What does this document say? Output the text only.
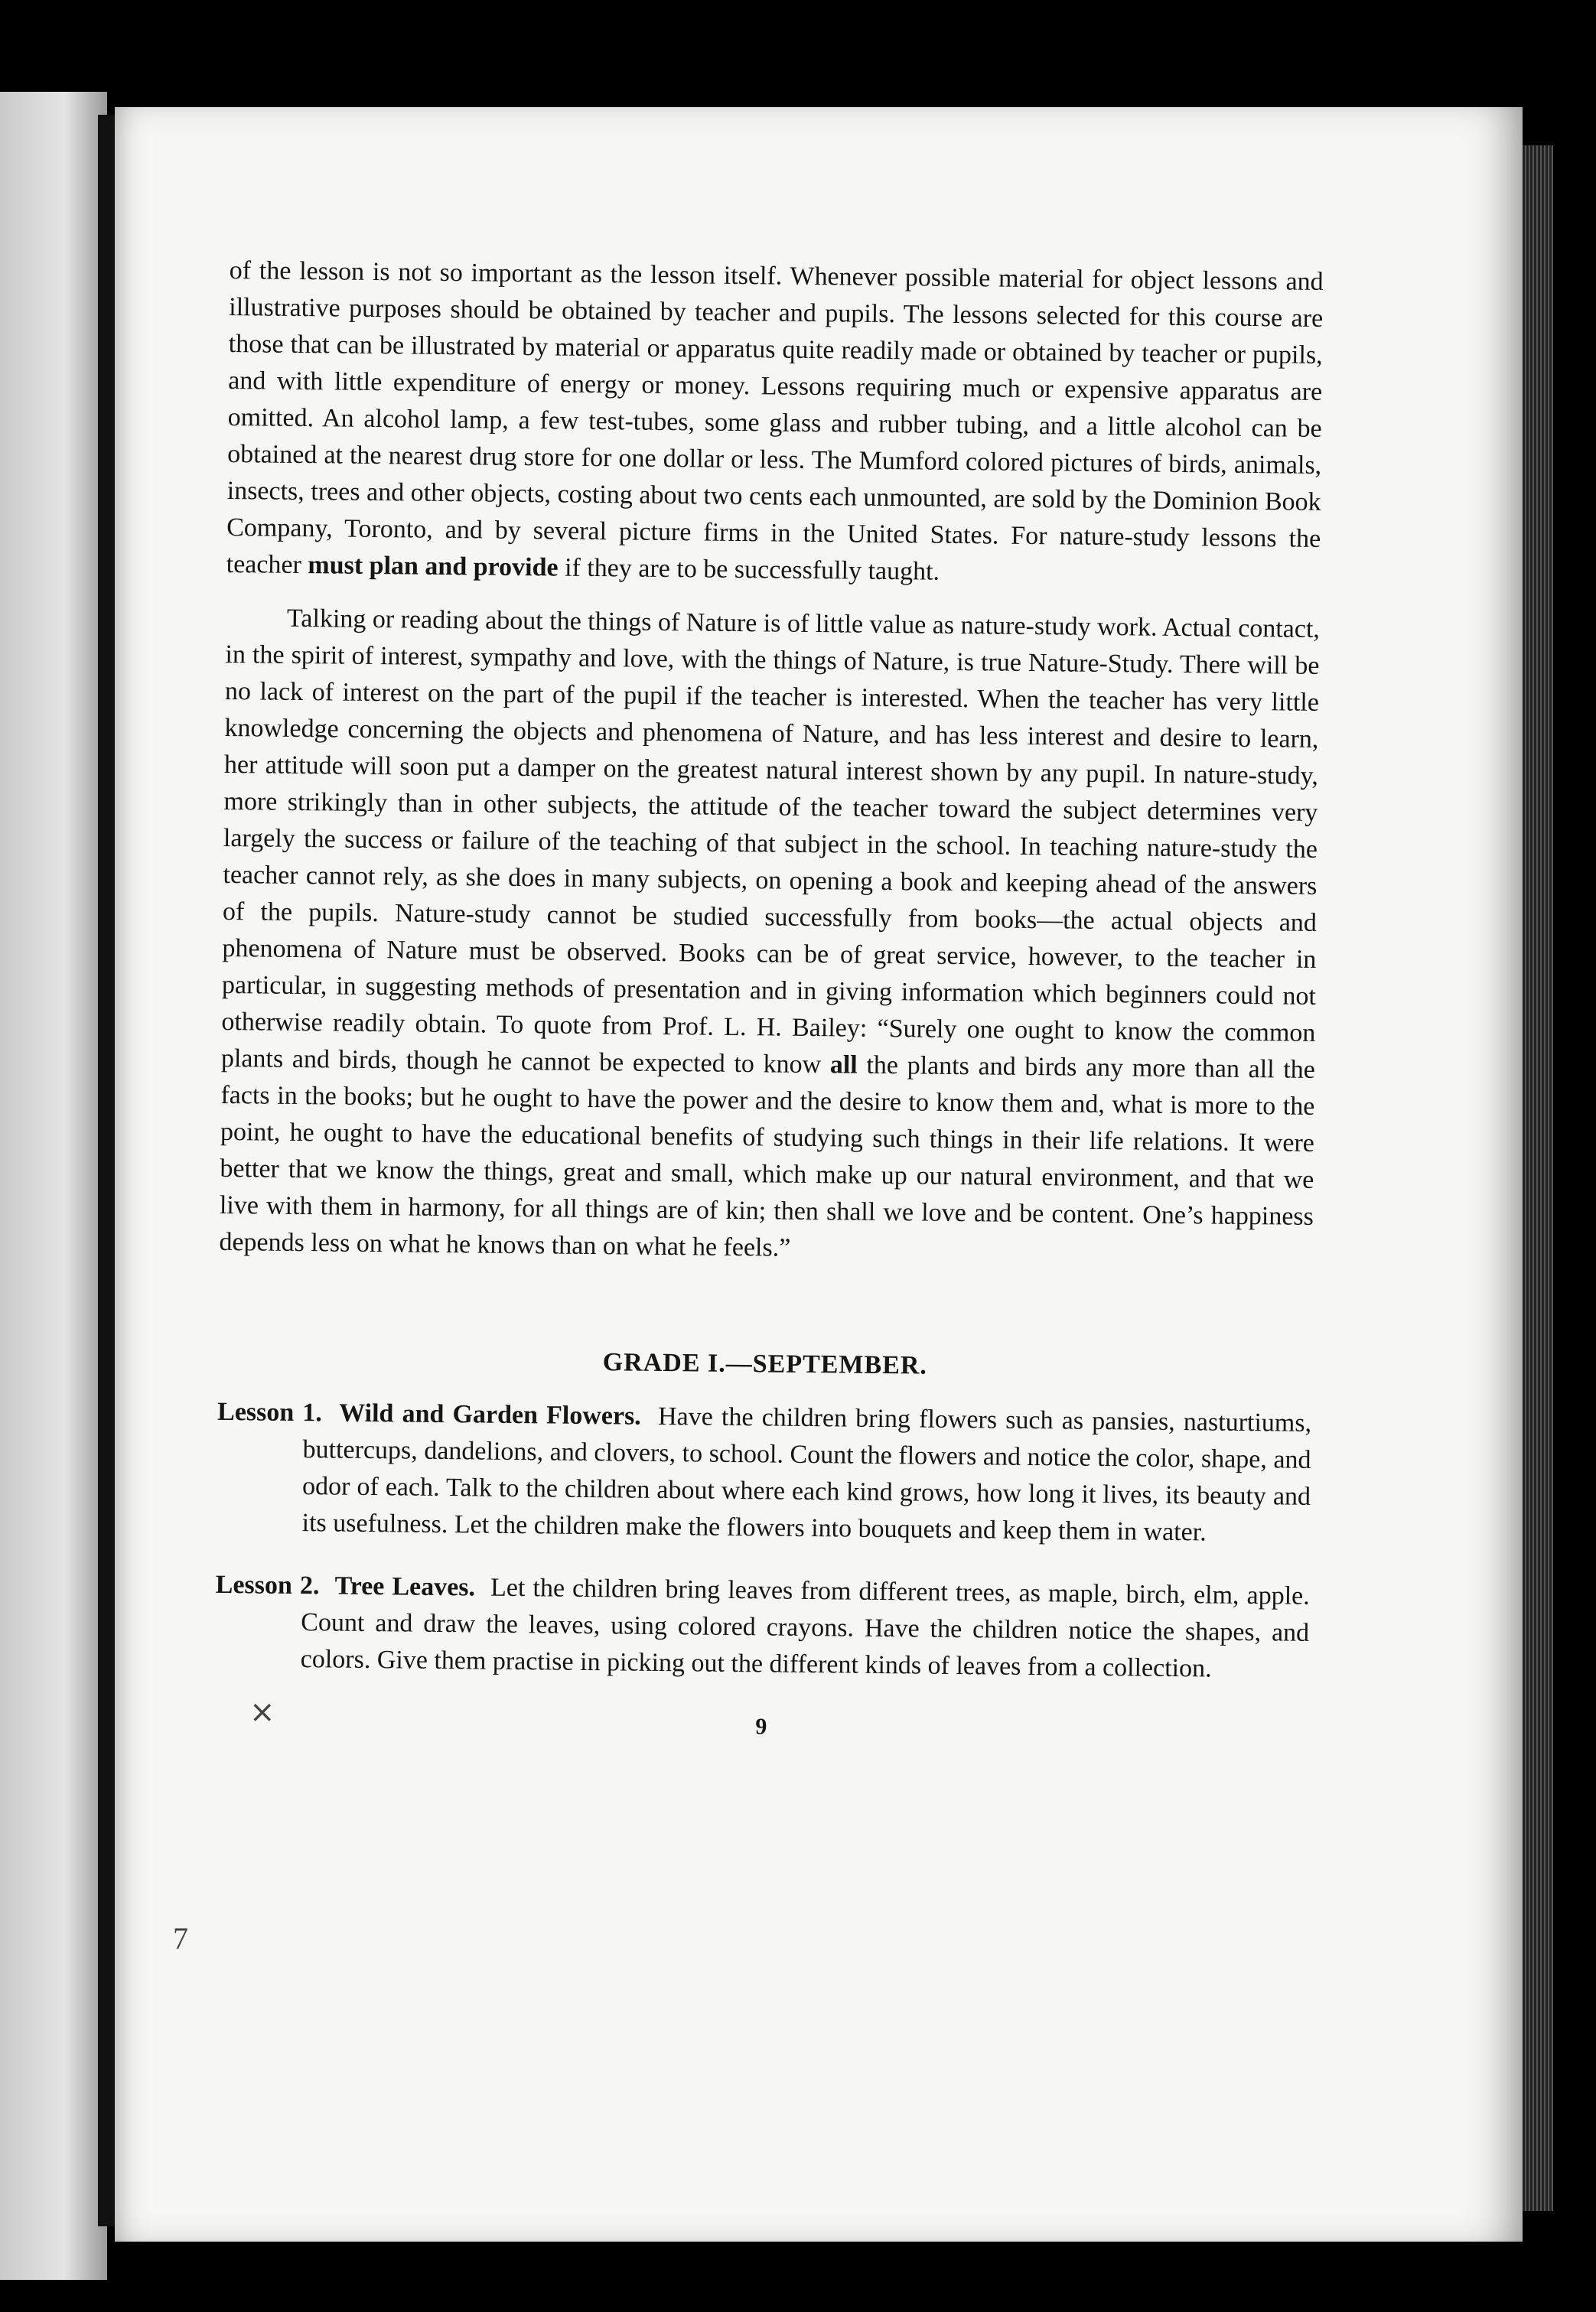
×
7

of the lesson is not so important as the lesson itself. Whenever possible material for object lessons and illustrative purposes should be obtained by teacher and pupils. The lessons selected for this course are those that can be illustrated by material or apparatus quite readily made or obtained by teacher or pupils, and with little expenditure of energy or money. Lessons requiring much or expensive apparatus are omitted. An alcohol lamp, a few test-tubes, some glass and rubber tubing, and a little alcohol can be obtained at the nearest drug store for one dollar or less. The Mumford colored pictures of birds, animals, insects, trees and other objects, costing about two cents each unmounted, are sold by the Dominion Book Company, Toronto, and by several picture firms in the United States. For nature-study lessons the teacher must plan and provide if they are to be successfully taught.

Talking or reading about the things of Nature is of little value as nature-study work. Actual contact, in the spirit of interest, sympathy and love, with the things of Nature, is true Nature-Study. There will be no lack of interest on the part of the pupil if the teacher is interested. When the teacher has very little knowledge concerning the objects and phenomena of Nature, and has less interest and desire to learn, her attitude will soon put a damper on the greatest natural interest shown by any pupil. In nature-study, more strikingly than in other subjects, the attitude of the teacher toward the subject determines very largely the success or failure of the teaching of that subject in the school. In teaching nature-study the teacher cannot rely, as she does in many subjects, on opening a book and keeping ahead of the answers of the pupils. Nature-study cannot be studied successfully from books—the actual objects and phenomena of Nature must be observed. Books can be of great service, however, to the teacher in particular, in suggesting methods of presentation and in giving information which beginners could not otherwise readily obtain. To quote from Prof. L. H. Bailey: “Surely one ought to know the common plants and birds, though he cannot be expected to know all the plants and birds any more than all the facts in the books; but he ought to have the power and the desire to know them and, what is more to the point, he ought to have the educational benefits of studying such things in their life relations. It were better that we know the things, great and small, which make up our natural environment, and that we live with them in harmony, for all things are of kin; then shall we love and be content. One’s happiness depends less on what he knows than on what he feels.”

GRADE I.—SEPTEMBER.

Lesson 1. Wild and Garden Flowers. Have the children bring flowers such as pansies, nasturtiums, buttercups, dandelions, and clovers, to school. Count the flowers and notice the color, shape, and odor of each. Talk to the children about where each kind grows, how long it lives, its beauty and its usefulness. Let the children make the flowers into bouquets and keep them in water.

Lesson 2. Tree Leaves. Let the children bring leaves from different trees, as maple, birch, elm, apple. Count and draw the leaves, using colored crayons. Have the children notice the shapes, and colors. Give them practise in picking out the different kinds of leaves from a collection.

9
